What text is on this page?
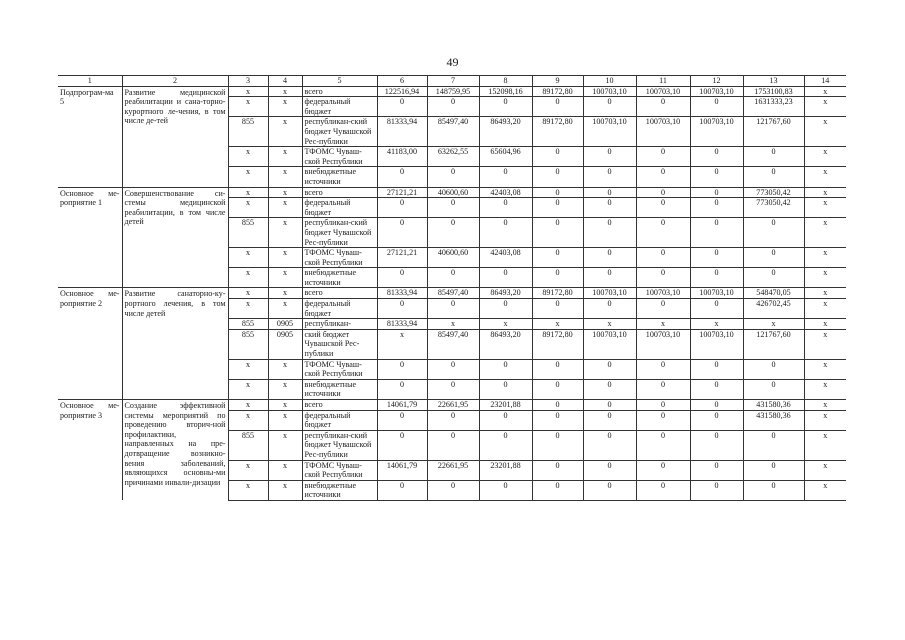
49
1	2	3	4	5	6	7	8	9	10	11	12	13	14
Подпрограм-ма 5	Развитие медицинской реабилитации и сана-торно-курортного ле-чения, в том числе де-тей	x	x	всего	122516,94	148759,95	152098,16	89172,80	100703,10	100703,10	100703,10	1753100,83	x
		x	x	федеральный бюджет	0	0	0	0	0	0	0	1631333,23	x
		855	x	республикан-ский бюджет Чувашской Рес-публики	81333,94	85497,40	86493,20	89172,80	100703,10	100703,10	100703,10	121767,60	x
		x	x	ТФОМС Чуваш-ской Республики	41183,00	63262,55	65604,96	0	0	0	0	0	x
		x	x	внебюджетные источники	0	0	0	0	0	0	0	0	x
Основное ме-роприятие 1	Совершенствование си-стемы медицинской реабилитации, в том числе детей	x	x	всего	27121,21	40600,60	42403,08	0	0	0	0	773050,42	x
		x	x	федеральный бюджет	0	0	0	0	0	0	0	773050,42	x
		855	x	республикан-ский бюджет Чувашской Рес-публики	0	0	0	0	0	0	0	0	x
		x	x	ТФОМС Чуваш-ской Республики	27121,21	40600,60	42403,08	0	0	0	0	0	x
		x	x	внебюджетные источники	0	0	0	0	0	0	0	0	x
Основное ме-роприятие 2	Развитие санаторно-ку-рортного лечения, в том числе детей	x	x	всего	81333,94	85497,40	86493,20	89172,80	100703,10	100703,10	100703,10	548470,05	x
		x	x	федеральный бюджет	0	0	0	0	0	0	0	426702,45	x
		855	0905	республикан-	81333,94	x	x	x	x	x	x	x	x
		855	0905	ский бюджет Чувашской Рес-публики	x	85497,40	86493,20	89172,80	100703,10	100703,10	100703,10	121767,60	x
		x	x	ТФОМС Чуваш-ской Республики	0	0	0	0	0	0	0	0	x
		x	x	внебюджетные источники	0	0	0	0	0	0	0	0	x
Основное ме-роприятие 3	Создание эффективной системы мероприятий по проведению вторич-ной профилактики, направленных на пре-дотвращение возникно-вения заболеваний, являющихся основны-ми причинами инвали-дизации	x	x	всего	14061,79	22661,95	23201,88	0	0	0	0	431580,36	x
		x	x	федеральный бюджет	0	0	0	0	0	0	0	431580,36	x
		855	x	республикан-ский бюджет Чувашской Рес-публики	0	0	0	0	0	0	0	0	x
		x	x	ТФОМС Чуваш-ской Республики	14061,79	22661,95	23201,88	0	0	0	0	0	x
		x	x	внебюджетные источники	0	0	0	0	0	0	0	0	x
